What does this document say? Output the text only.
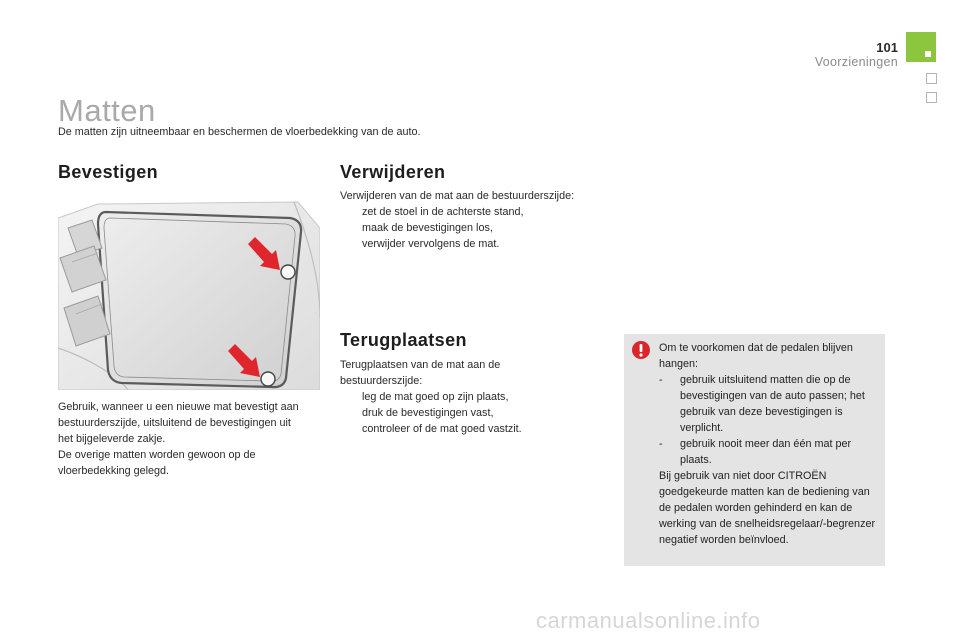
101
Voorzieningen
Matten
De matten zijn uitneembaar en beschermen de vloerbedekking van de auto.
Bevestigen
Gebruik, wanneer u een nieuwe mat bevestigt aan bestuurderszijde, uitsluitend de bevestigingen uit het bijgeleverde zakje.
De overige matten worden gewoon op de vloerbedekking gelegd.
Verwijderen
Verwijderen van de mat aan de bestuurderszijde:
zet de stoel in de achterste stand,
maak de bevestigingen los,
verwijder vervolgens de mat.
Terugplaatsen
Terugplaatsen van de mat aan de bestuurderszijde:
leg de mat goed op zijn plaats,
druk de bevestigingen vast,
controleer of de mat goed vastzit.
Om te voorkomen dat de pedalen blijven hangen:
- gebruik uitsluitend matten die op de bevestigingen van de auto passen; het gebruik van deze bevestigingen is verplicht.
- gebruik nooit meer dan één mat per plaats.
Bij gebruik van niet door CITROËN goedgekeurde matten kan de bediening van de pedalen worden gehinderd en kan de werking van de snelheidsregelaar/-begrenzer negatief worden beïnvloed.
carmanualsonline.info
